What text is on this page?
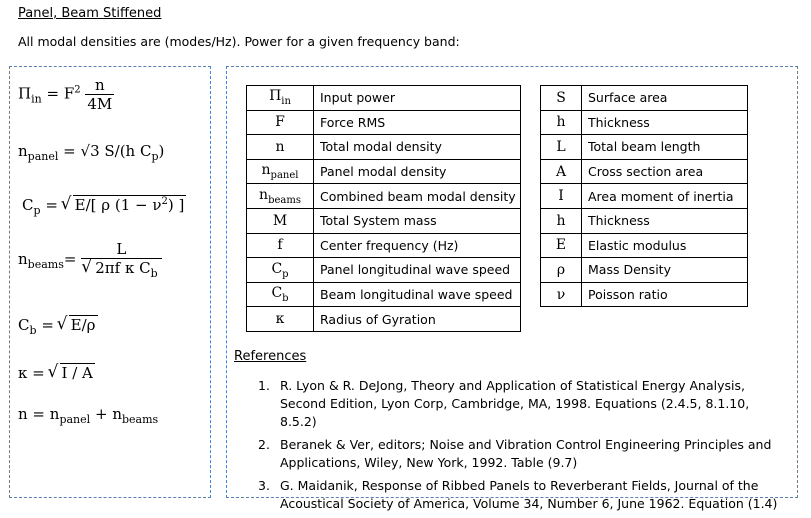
Panel, Beam Stiffened
All modal densities are (modes/Hz). Power for a given frequency band:
$\Pi_{in} = F^2 \frac{n}{4M}$
$n_{panel} = √3$ S/(h $C_p$)
$C_p$ = √ E/[ ρ $(1 - \nu^2)$ ]
$n_{beams}= L$
√ 2πf κ $C_b$
$C_b$ = √ E/ρ
κ = √ I / A
$n = n_{panel} + n_{beams}$
$\Pi_{in}$	Input power
F	Force RMS
n	Total modal density
$n_{panel}$	Panel modal density
$n_{beams}$	Combined beam modal density
M	Total System mass
f	Center frequency (Hz)
$C_p$	Panel longitudinal wave speed
$C_b$	Beam longitudinal wave speed
κ	Radius of Gyration
S	Surface area
h	Thickness
L	Total beam length
A	Cross section area
I	Area moment of inertia
h	Thickness
E	Elastic modulus
ρ	Mass Density
ν	Poisson ratio
References
1. R. Lyon & R. DeJong, Theory and Application of Statistical Energy Analysis, Second Edition, Lyon Corp, Cambridge, MA, 1998. Equations (2.4.5, 8.1.10, 8.5.2)
2. Beranek & Ver, editors; Noise and Vibration Control Engineering Principles and Applications, Wiley, New York, 1992. Table (9.7)
3. G. Maidanik, Response of Ribbed Panels to Reverberant Fields, Journal of the Acoustical Society of America, Volume 34, Number 6, June 1962. Equation (1.4)
